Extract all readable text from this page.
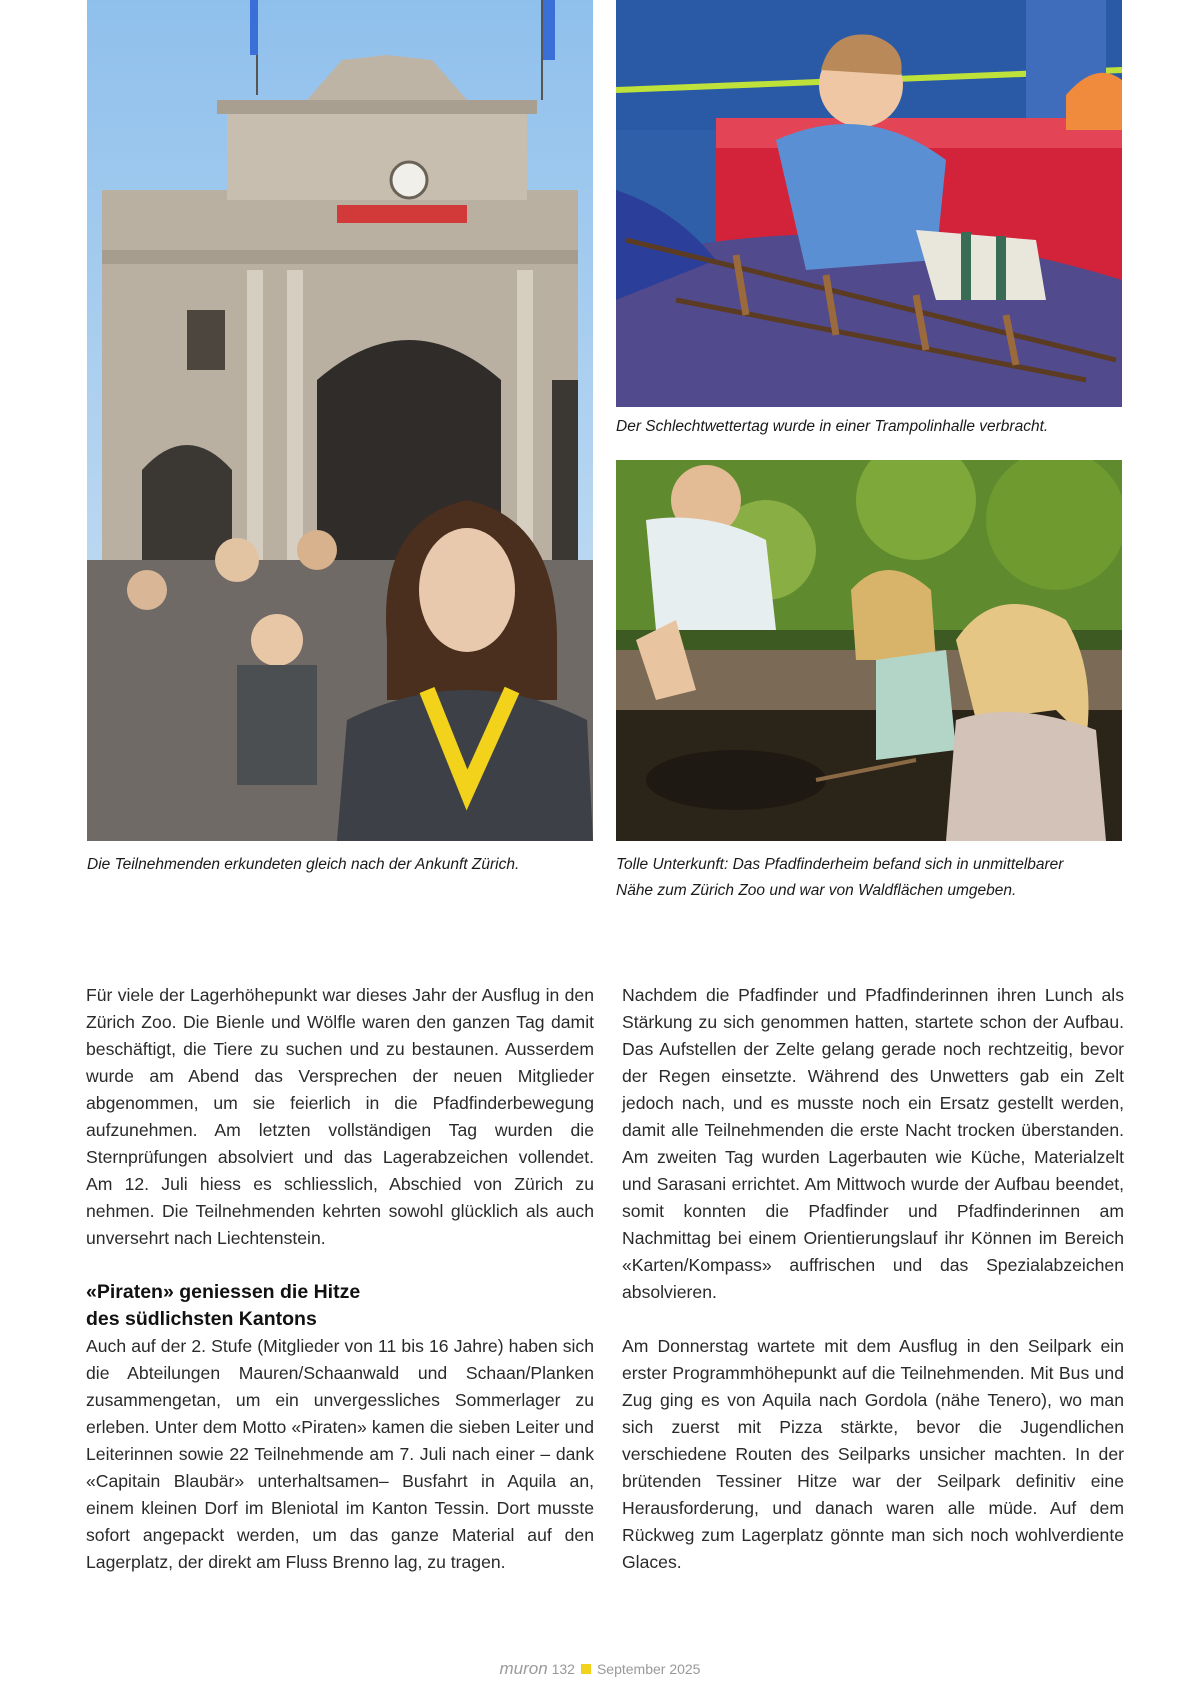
Der Schlechtwettertag wurde in einer Trampolinhalle verbracht.

Die Teilnehmenden erkundeten gleich nach der Ankunft Zürich.	Tolle Unterkunft: Das Pfadfinderheim befand sich in unmittelbarer
Nähe zum Zürich Zoo und war von Waldflächen umgeben.

Für viele der Lagerhöhepunkt war dieses Jahr der Ausflug in den Zürich Zoo. Die Bienle und Wölfle waren den ganzen Tag damit beschäftigt, die Tiere zu suchen und zu bestaunen. Ausserdem wurde am Abend das Versprechen der neuen Mitglieder abgenommen, um sie feierlich in die Pfadfinderbewegung aufzunehmen. Am letzten vollständigen Tag wurden die Sternprüfungen absolviert und das Lagerabzeichen vollendet. Am 12. Juli hiess es schliesslich, Abschied von Zürich zu nehmen. Die Teilnehmenden kehrten sowohl glücklich als auch unversehrt nach Liechtenstein.

«Piraten» geniessen die Hitze
des südlichsten Kantons

Auch auf der 2. Stufe (Mitglieder von 11 bis 16 Jahre) haben sich die Abteilungen Mauren/Schaanwald und Schaan/Planken zusammengetan, um ein unvergessliches Sommerlager zu erleben. Unter dem Motto «Piraten» kamen die sieben Leiter und Leiterinnen sowie 22 Teilnehmende am 7. Juli nach einer – dank «Capitain Blaubär» unterhaltsamen– Busfahrt in Aquila an, einem kleinen Dorf im Bleniotal im Kanton Tessin. Dort musste sofort angepackt werden, um das ganze Material auf den Lagerplatz, der direkt am Fluss Brenno lag, zu tragen.

Nachdem die Pfadfinder und Pfadfinderinnen ihren Lunch als Stärkung zu sich genommen hatten, startete schon der Aufbau. Das Aufstellen der Zelte gelang gerade noch rechtzeitig, bevor der Regen einsetzte. Während des Unwetters gab ein Zelt jedoch nach, und es musste noch ein Ersatz gestellt werden, damit alle Teilnehmenden die erste Nacht trocken überstanden. Am zweiten Tag wurden Lagerbauten wie Küche, Materialzelt und Sarasani errichtet. Am Mittwoch wurde der Aufbau beendet, somit konnten die Pfadfinder und Pfadfinderinnen am Nachmittag bei einem Orientierungslauf ihr Können im Bereich «Karten/Kompass» auffrischen und das Spezialabzeichen absolvieren.

Am Donnerstag wartete mit dem Ausflug in den Seilpark ein erster Programmhöhepunkt auf die Teilnehmenden. Mit Bus und Zug ging es von Aquila nach Gordola (nähe Tenero), wo man sich zuerst mit Pizza stärkte, bevor die Jugendlichen verschiedene Routen des Seilparks unsicher machten. In der brütenden Tessiner Hitze war der Seilpark definitiv eine Herausforderung, und danach waren alle müde. Auf dem Rückweg zum Lagerplatz gönnte man sich noch wohlverdiente Glaces.

muron 132 September 2025
